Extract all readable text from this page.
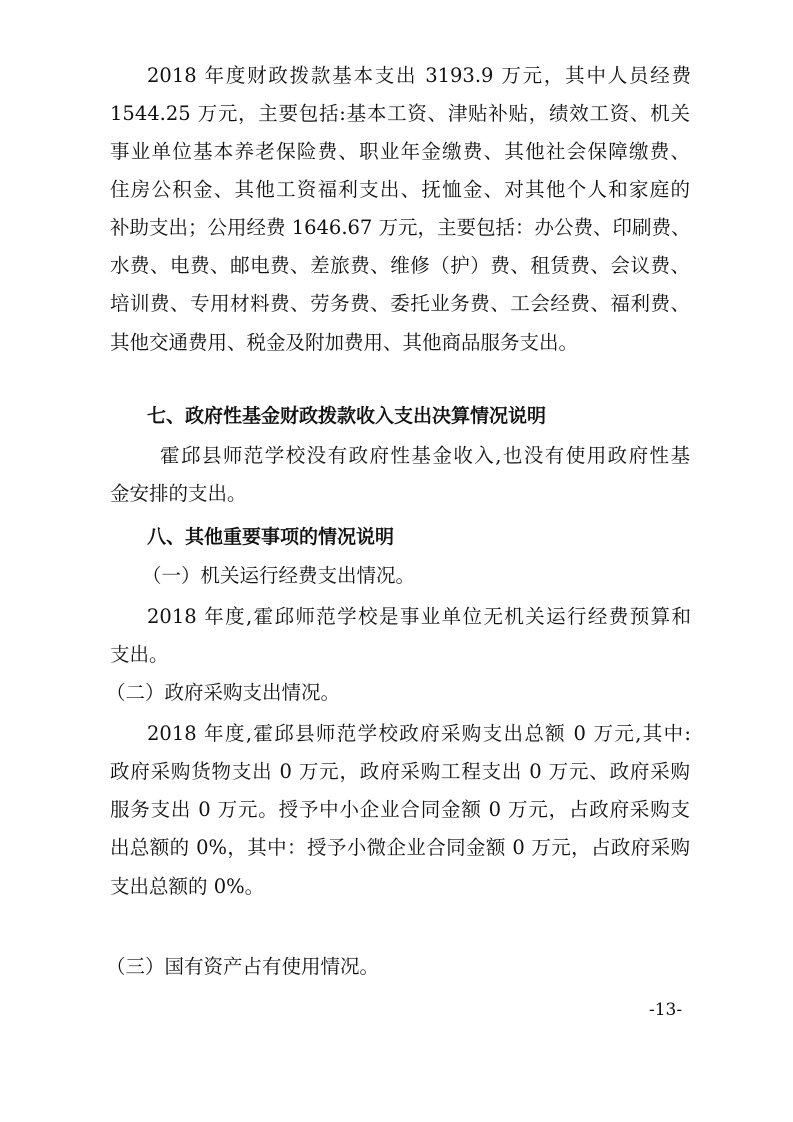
2018 年度财政拨款基本支出 3193.9 万元，其中人员经费

1544.25 万元，主要包括:基本工资、津贴补贴，绩效工资、机关

事业单位基本养老保险费、职业年金缴费、其他社会保障缴费、

住房公积金、其他工资福利支出、抚恤金、对其他个人和家庭的

补助支出；公用经费 1646.67 万元，主要包括：办公费、印刷费、

水费、电费、邮电费、差旅费、维修（护）费、租赁费、会议费、

培训费、专用材料费、劳务费、委托业务费、工会经费、福利费、

其他交通费用、税金及附加费用、其他商品服务支出。

七、政府性基金财政拨款收入支出决算情况说明

霍邱县师范学校没有政府性基金收入,也没有使用政府性基

金安排的支出。

八、其他重要事项的情况说明

（一）机关运行经费支出情况。

2018 年度,霍邱师范学校是事业单位无机关运行经费预算和

支出。

（二）政府采购支出情况。

2018 年度,霍邱县师范学校政府采购支出总额 0 万元,其中:

政府采购货物支出 0 万元，政府采购工程支出 0 万元、政府采购

服务支出 0 万元。授予中小企业合同金额 0 万元，占政府采购支

出总额的 0%，其中：授予小微企业合同金额 0 万元，占政府采购

支出总额的 0%。

（三）国有资产占有使用情况。

-13-
